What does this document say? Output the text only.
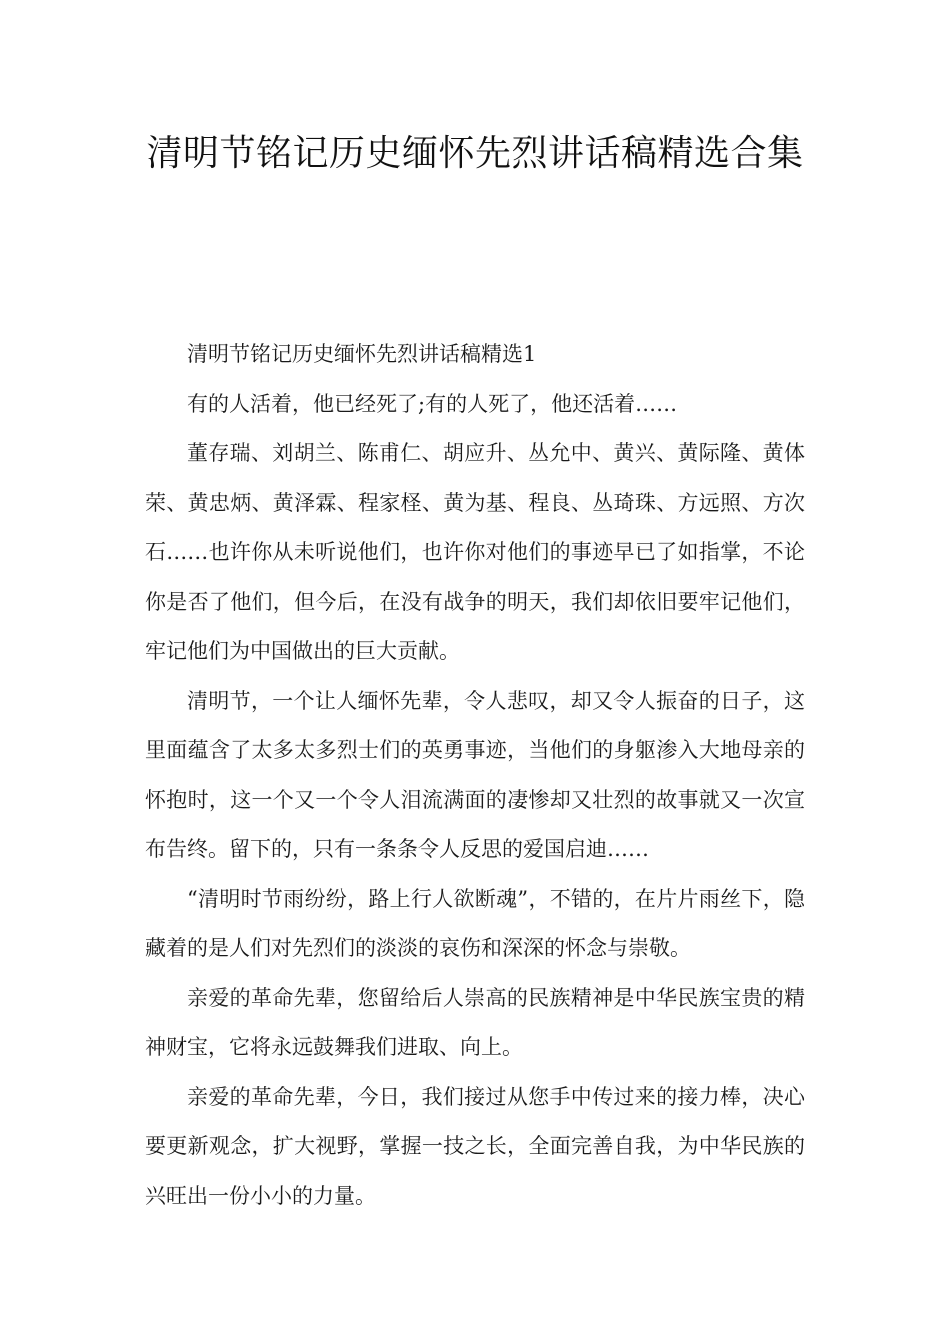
清明节铭记历史缅怀先烈讲话稿精选合集

清明节铭记历史缅怀先烈讲话稿精选1

有的人活着，他已经死了;有的人死了，他还活着……

董存瑞、刘胡兰、陈甫仁、胡应升、丛允中、黄兴、黄际隆、黄体荣、黄忠炳、黄泽霖、程家柽、黄为基、程良、丛琦珠、方远照、方次石……也许你从未听说他们，也许你对他们的事迹早已了如指掌，不论你是否了他们，但今后，在没有战争的明天，我们却依旧要牢记他们，牢记他们为中国做出的巨大贡献。

清明节，一个让人缅怀先辈，令人悲叹，却又令人振奋的日子，这里面蕴含了太多太多烈士们的英勇事迹，当他们的身躯渗入大地母亲的怀抱时，这一个又一个令人泪流满面的凄惨却又壮烈的故事就又一次宣布告终。留下的，只有一条条令人反思的爱国启迪……

“清明时节雨纷纷，路上行人欲断魂”，不错的，在片片雨丝下，隐藏着的是人们对先烈们的淡淡的哀伤和深深的怀念与崇敬。

亲爱的革命先辈，您留给后人崇高的民族精神是中华民族宝贵的精神财宝，它将永远鼓舞我们进取、向上。

亲爱的革命先辈，今日，我们接过从您手中传过来的接力棒，决心要更新观念，扩大视野，掌握一技之长，全面完善自我，为中华民族的兴旺出一份小小的力量。
